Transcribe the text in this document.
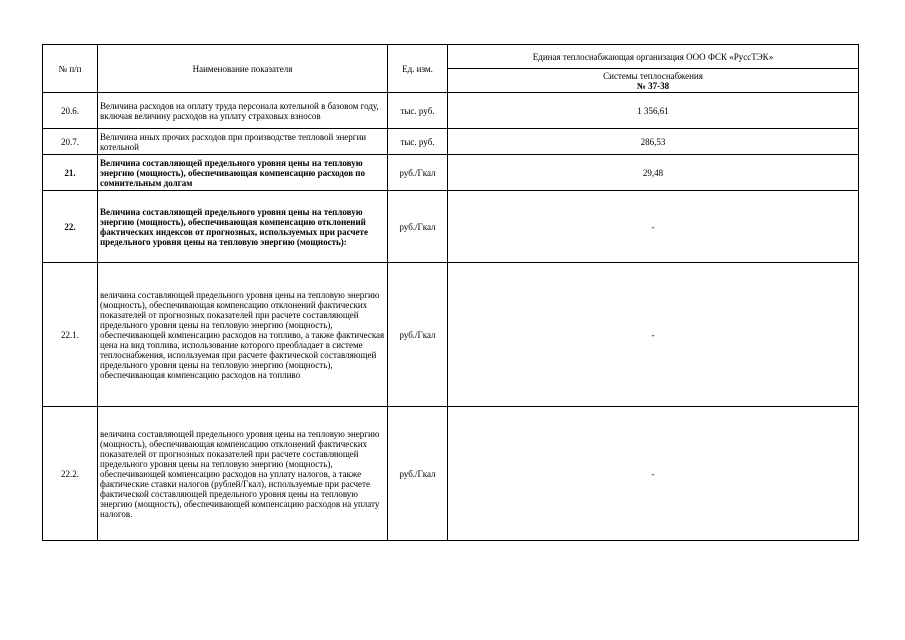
№ п/п	Наименование показателя	Ед. изм.	Единая теплоснабжающая организация ООО ФСК «РуссТЭК»

			Системы теплоснабжения
№ 37-38

20.6.	Величина расходов на оплату труда персонала котельной в базовом году, включая величину расходов на уплату страховых взносов	тыс. руб.	1 356,61
20.7.	Величина иных прочих расходов при производстве тепловой энергии котельной	тыс. руб.	286,53
21.	Величина составляющей предельного уровня цены на тепловую энергию (мощность), обеспечивающая компенсацию расходов по сомнительным долгам	руб./Гкал	29,48
22.	Величина составляющей предельного уровня цены на тепловую энергию (мощность), обеспечивающая компенсацию отклонений фактических индексов от прогнозных, используемых при расчете предельного уровня цены на тепловую энергию (мощность):	руб./Гкал	-
22.1.	величина составляющей предельного уровня цены на тепловую энергию (мощность), обеспечивающая компенсацию отклонений фактических показателей от прогнозных показателей при расчете составляющей предельного уровня цены на тепловую энергию (мощность), обеспечивающей компенсацию расходов на топливо, а также фактическая цена на вид топлива, использование которого преобладает в системе теплоснабжения, используемая при расчете фактической составляющей предельного уровня цены на тепловую энергию (мощность), обеспечивающая компенсацию расходов на топливо	руб./Гкал	-
22.2.	величина составляющей предельного уровня цены на тепловую энергию (мощность), обеспечивающая компенсацию отклонений фактических показателей от прогнозных показателей при расчете составляющей предельного уровня цены на тепловую энергию (мощность), обеспечивающей компенсацию расходов на уплату налогов, а также фактические ставки налогов (рублей/Гкал), используемые при расчете фактической составляющей предельного уровня цены на тепловую энергию (мощность), обеспечивающей компенсацию расходов на уплату налогов.	руб./Гкал	-
